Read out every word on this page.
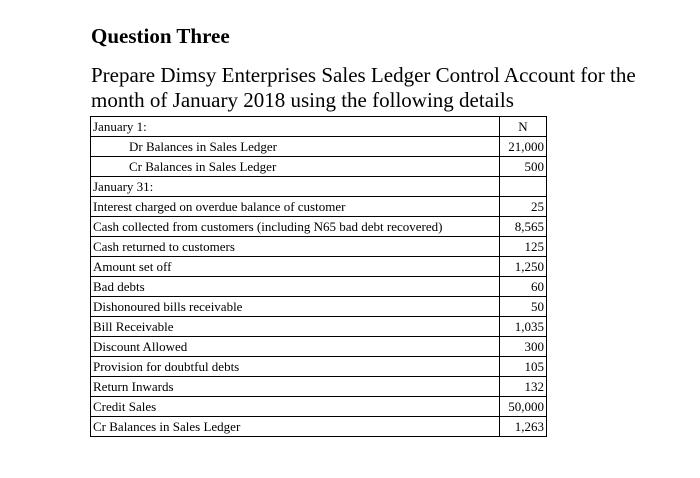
Question Three
Prepare Dimsy Enterprises Sales Ledger Control Account for the
month of January 2018 using the following details
January 1:	N
Dr Balances in Sales Ledger	21,000
Cr Balances in Sales Ledger	500
January 31:	
Interest charged on overdue balance of customer	25
Cash collected from customers (including N65 bad debt recovered)	8,565
Cash returned to customers	125
Amount set off	1,250
Bad debts	60
Dishonoured bills receivable	50
Bill Receivable	1,035
Discount Allowed	300
Provision for doubtful debts	105
Return Inwards	132
Credit Sales	50,000
Cr Balances in Sales Ledger	1,263
